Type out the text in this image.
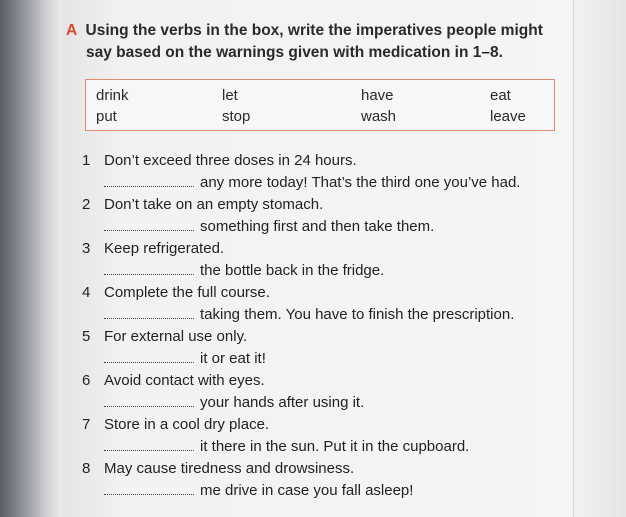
A Using the verbs in the box, write the imperatives people might
say based on the warnings given with medication in 1–8.
drink	let	have	eat
put	stop	wash	leave
1 Don’t exceed three doses in 24 hours.
any more today! That’s the third one you’ve had.
2 Don’t take on an empty stomach.
something first and then take them.
3 Keep refrigerated.
the bottle back in the fridge.
4 Complete the full course.
taking them. You have to finish the prescription.
5 For external use only.
it or eat it!
6 Avoid contact with eyes.
your hands after using it.
7 Store in a cool dry place.
it there in the sun. Put it in the cupboard.
8 May cause tiredness and drowsiness.
me drive in case you fall asleep!
